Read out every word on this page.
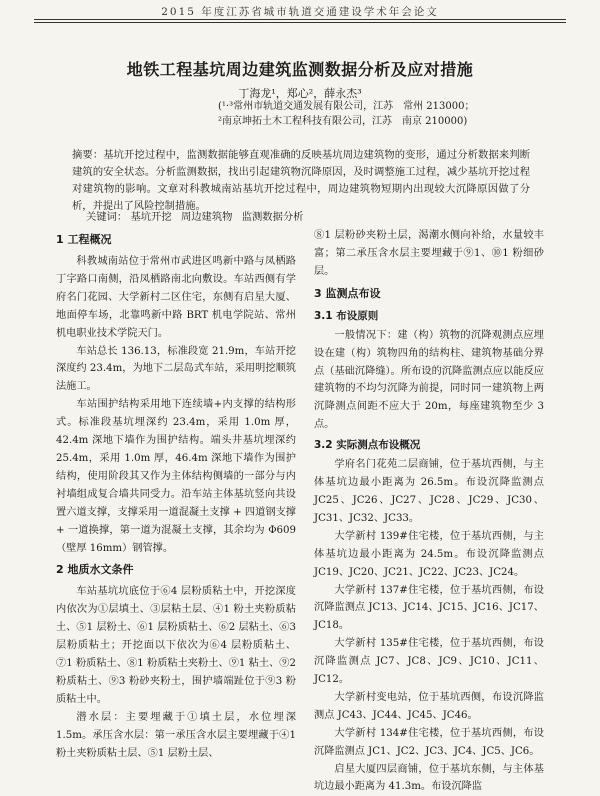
2015 年度江苏省城市轨道交通建设学术年会论文
地铁工程基坑周边建筑监测数据分析及应对措施
丁海龙¹，郑心²，薛永杰³
(¹·³常州市轨道交通发展有限公司，江苏　常州 213000；
²南京坤拓土木工程科技有限公司，江苏　南京 210000)

摘要：基坑开挖过程中，监测数据能够直观准确的反映基坑周边建筑物的变形，通过分析数据来判断建筑的安全状态。分析监测数据，找出引起建筑物沉降原因，及时调整施工过程，减少基坑开挖过程对建筑物的影响。文章对科教城南站基坑开挖过程中，周边建筑物短期内出现较大沉降原因做了分析，并提出了风险控制措施。

关键词： 基坑开挖 周边建筑物 监测数据分析
1 工程概况

科教城南站位于常州市武进区鸣新中路与凤栖路丁字路口南侧，沿凤栖路南北向敷设。车站西侧有学府名门花园、大学新村二区住宅，东侧有启星大厦、地面停车场，北靠鸣新中路 BRT 机电学院站、常州机电职业技术学院天门。

车站总长 136.13，标准段宽 21.9m，车站开挖深度约 23.4m，为地下二层岛式车站，采用明挖顺筑法施工。

车站围护结构采用地下连续墙+内支撑的结构形式。标准段基坑埋深约 23.4m，采用 1.0m 厚，42.4m 深地下墙作为围护结构。端头井基坑埋深约 25.4m，采用 1.0m 厚，46.4m 深地下墙作为围护结构，使用阶段其又作为主体结构侧墙的一部分与内衬墙组成复合墙共同受力。沿车站主体基坑竖向共设置六道支撑，支撑采用一道混凝土支撑 + 四道钢支撑 + 一道换撑，第一道为混凝土支撑，其余均为 Φ609（壁厚 16mm）钢管撑。

2 地质水文条件

车站基坑坑底位于⑥4 层粉质粘土中，开挖深度内依次为①层填土、③层粘土层、④1 粉土夹粉质粘土、⑤1 层粉土、⑥1 层粉质粘土、⑥2 层粘土、⑥3 层粉质粘土；开挖面以下依次为⑥4 层粉质粘土、⑦1 粉质粘土、⑧1 粉质粘土夹粉土、⑨1 粘土、⑨2 粉质粘土、⑨3 粉砂夹粉土，围护墙端趾位于⑨3 粉质粘土中。

潜水层：主要埋藏于①填土层，水位埋深 1.5m。承压含水层：第一承压含水层主要埋藏于④1 粉土夹粉质粘土层、⑤1 层粉土层、

⑧1 层粉砂夹粉土层，渴潮水侧向补给，水量较丰富；第二承压含水层主要埋藏于⑨1、⑩1 粉细砂层。

3 监测点布设
3.1 布设原则

一般情况下：建（构）筑物的沉降观测点应埋设在建（构）筑物四角的结构柱、建筑物基础分界点（基础沉降缝）。所布设的沉降监测点应以能反应建筑物的不均匀沉降为前提，同时同一建筑物上两沉降测点间距不应大于 20m，每座建筑物至少 3 点。

3.2 实际测点布设概况

学府名门花苑二层商铺，位于基坑西侧，与主体基坑边最小距离为 26.5m。布设沉降监测点 JC25、JC26、JC27、JC28、JC29、JC30、JC31、JC32、JC33。

大学新村 139#住宅楼，位于基坑西侧，与主体基坑边最小距离为 24.5m。布设沉降监测点 JC19、JC20、JC21、JC22、JC23、JC24。

大学新村 137#住宅楼，位于基坑西侧，布设沉降监测点 JC13、JC14、JC15、JC16、JC17、JC18。

大学新村 135#住宅楼，位于基坑西侧，布设沉降监测点 JC7、JC8、JC9、JC10、JC11、JC12。

大学新村变电站，位于基坑西侧，布设沉降监测点 JC43、JC44、JC45、JC46。

大学新村 134#住宅楼，位于基坑西侧，布设沉降监测点 JC1、JC2、JC3、JC4、JC5、JC6。

启星大厦四层商铺，位于基坑东侧，与主体基坑边最小距离为 41.3m。布设沉降监
